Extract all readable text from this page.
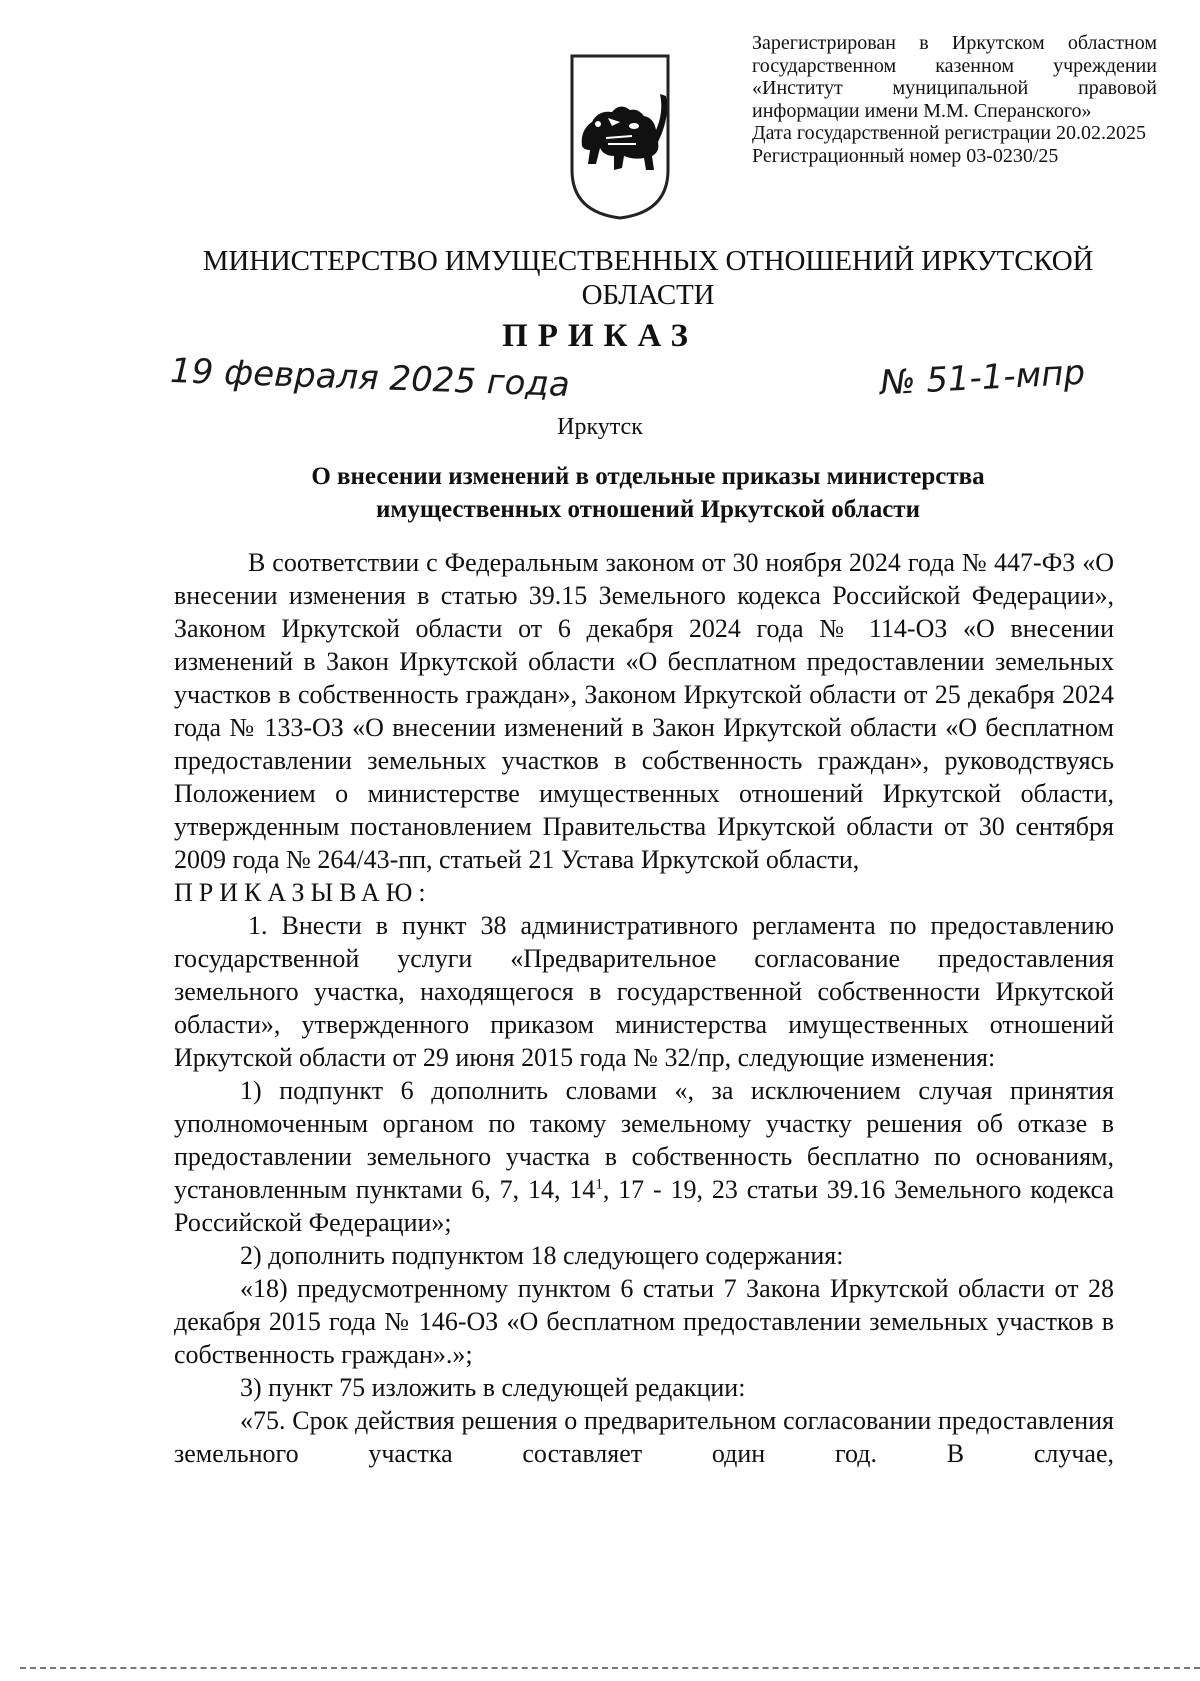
Зарегистрирован в Иркутском областном
государственном казенном учреждении
«Институт муниципальной правовой
информации имени М.М. Сперанского»
Дата государственной регистрации 20.02.2025
Регистрационный номер 03-0230/25
МИНИСТЕРСТВО ИМУЩЕСТВЕННЫХ ОТНОШЕНИЙ ИРКУТСКОЙ ОБЛАСТИ
ПРИКАЗ
19 февраля 2025 года	№ 51-1-мпр
Иркутск
О внесении изменений в отдельные приказы министерства
имущественных отношений Иркутской области

В соответствии с Федеральным законом от 30 ноября 2024 года № 447-ФЗ «О внесении изменения в статью 39.15 Земельного кодекса Российской Федерации», Законом Иркутской области от 6 декабря 2024 года № 114-ОЗ «О внесении изменений в Закон Иркутской области «О бесплатном предоставлении земельных участков в собственность граждан», Законом Иркутской области от 25 декабря 2024 года № 133-ОЗ «О внесении изменений в Закон Иркутской области «О бесплатном предоставлении земельных участков в собственность граждан», руководствуясь Положением о министерстве имущественных отношений Иркутской области, утвержденным постановлением Правительства Иркутской области от 30 сентября 2009 года № 264/43-пп, статьей 21 Устава Иркутской области,

ПРИКАЗЫВАЮ:

1. Внести в пункт 38 административного регламента по предоставлению государственной услуги «Предварительное согласование предоставления земельного участка, находящегося в государственной собственности Иркутской области», утвержденного приказом министерства имущественных отношений Иркутской области от 29 июня 2015 года № 32/пр, следующие изменения:

1) подпункт 6 дополнить словами «, за исключением случая принятия уполномоченным органом по такому земельному участку решения об отказе в предоставлении земельного участка в собственность бесплатно по основаниям, установленным пунктами 6, 7, 14, $14^1$, 17 - 19, 23 статьи 39.16 Земельного кодекса Российской Федерации»;

2) дополнить подпунктом 18 следующего содержания:

«18) предусмотренному пунктом 6 статьи 7 Закона Иркутской области от 28 декабря 2015 года № 146-ОЗ «О бесплатном предоставлении земельных участков в собственность граждан».»;

3) пункт 75 изложить в следующей редакции:

«75. Срок действия решения о предварительном согласовании предоставления земельного участка составляет один год. В случае,
